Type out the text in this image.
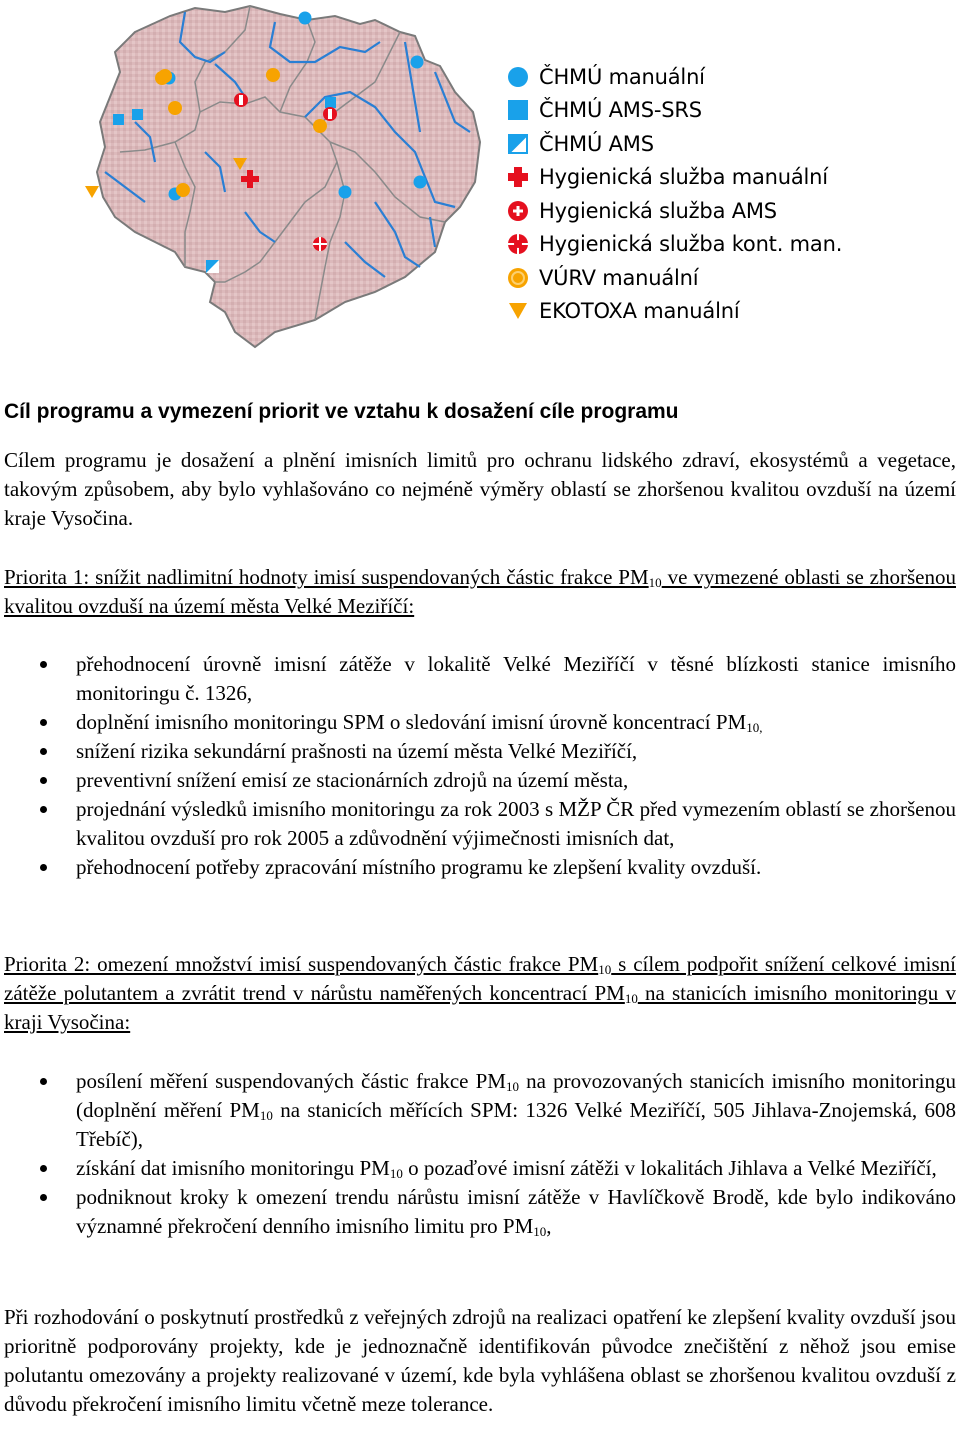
ČHMÚ manuální
ČHMÚ AMS-SRS
ČHMÚ AMS
Hygienická služba manuální
Hygienická služba AMS
Hygienická služba kont. man.
VÚRV manuální
EKOTOXA manuální
Cíl programu a vymezení priorit ve vztahu k dosažení cíle programu
Cílem programu je dosažení a plnění imisních limitů pro ochranu lidského zdraví, ekosystémů a vegetace, takovým způsobem, aby bylo vyhlašováno co nejméně výměry oblastí se zhoršenou kvalitou ovzduší na území kraje Vysočina.
Priorita 1: snížit nadlimitní hodnoty imisí suspendovaných částic frakce $PM_{10}$ ve vymezené oblasti se zhoršenou kvalitou ovzduší na území města Velké Meziříčí:
přehodnocení úrovně imisní zátěže v lokalitě Velké Meziříčí v těsné blízkosti stanice imisního monitoringu č. 1326,
doplnění imisního monitoringu SPM o sledování imisní úrovně koncentrací $PM_{10,}$
snížení rizika sekundární prašnosti na území města Velké Meziříčí,
preventivní snížení emisí ze stacionárních zdrojů na území města,
projednání výsledků imisního monitoringu za rok 2003 s MŽP ČR před vymezením oblastí se zhoršenou kvalitou ovzduší pro rok 2005 a zdůvodnění výjimečnosti imisních dat,
přehodnocení potřeby zpracování místního programu ke zlepšení kvality ovzduší.
Priorita 2: omezení množství imisí suspendovaných částic frakce $PM_{10}$ s cílem podpořit snížení celkové imisní zátěže polutantem a zvrátit trend v nárůstu naměřených koncentrací $PM_{10}$ na stanicích imisního monitoringu v kraji Vysočina:
posílení měření suspendovaných částic frakce $PM_{10}$ na provozovaných stanicích imisního monitoringu (doplnění měření $PM_{10}$ na stanicích měřících SPM: 1326 Velké Meziříčí, 505 Jihlava-Znojemská, 608 Třebíč),
získání dat imisního monitoringu $PM_{10}$ o pozaďové imisní zátěži v lokalitách Jihlava a Velké Meziříčí,
podniknout kroky k omezení trendu nárůstu imisní zátěže v Havlíčkově Brodě, kde bylo indikováno významné překročení denního imisního limitu pro $PM_{10}$,
Při rozhodování o poskytnutí prostředků z veřejných zdrojů na realizaci opatření ke zlepšení kvality ovzduší jsou prioritně podporovány projekty, kde je jednoznačně identifikován původce znečištění z něhož jsou emise polutantu omezovány a projekty realizované v území, kde byla vyhlášena oblast se zhoršenou kvalitou ovzduší z důvodu překročení imisního limitu včetně meze tolerance.
